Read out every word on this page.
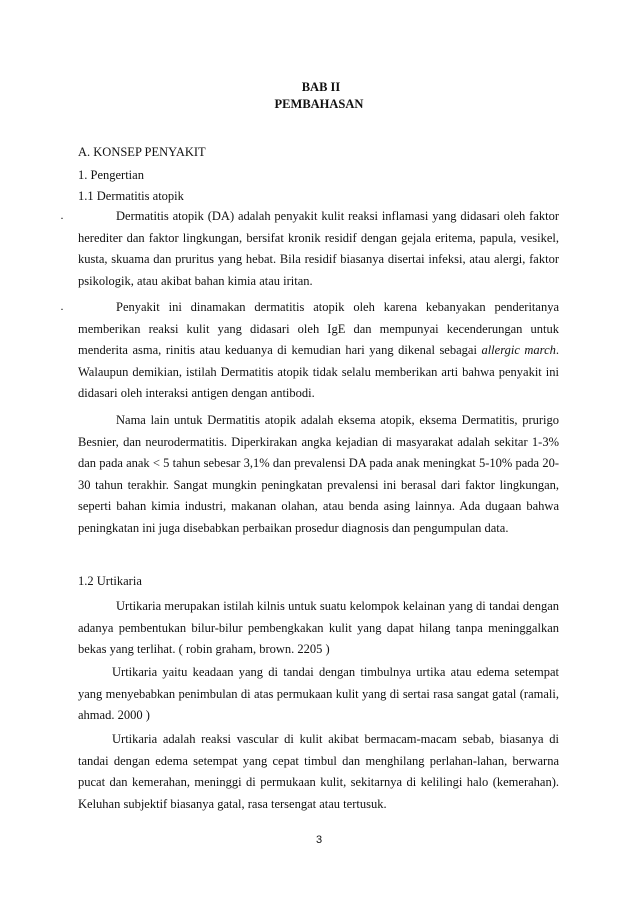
BAB II
PEMBAHASAN
A. KONSEP PENYAKIT
1. Pengertian
1.1 Dermatitis atopik
·	Dermatitis atopik (DA) adalah penyakit kulit reaksi inflamasi yang didasari oleh faktor herediter dan faktor lingkungan, bersifat kronik residif dengan gejala eritema, papula, vesikel, kusta, skuama dan pruritus yang hebat. Bila residif biasanya disertai infeksi, atau alergi, faktor psikologik, atau akibat bahan kimia atau iritan.

·	Penyakit ini dinamakan dermatitis atopik oleh karena kebanyakan penderitanya memberikan reaksi kulit yang didasari oleh IgE dan mempunyai kecenderungan untuk menderita asma, rinitis atau keduanya di kemudian hari yang dikenal sebagai allergic march. Walaupun demikian, istilah Dermatitis atopik tidak selalu memberikan arti bahwa penyakit ini didasari oleh interaksi antigen dengan antibodi.

Nama lain untuk Dermatitis atopik adalah eksema atopik, eksema Dermatitis, prurigo Besnier, dan neurodermatitis. Diperkirakan angka kejadian di masyarakat adalah sekitar 1-3% dan pada anak < 5 tahun sebesar 3,1% dan prevalensi DA pada anak meningkat 5-10% pada 20-30 tahun terakhir. Sangat mungkin peningkatan prevalensi ini berasal dari faktor lingkungan, seperti bahan kimia industri, makanan olahan, atau benda asing lainnya. Ada dugaan bahwa peningkatan ini juga disebabkan perbaikan prosedur diagnosis dan pengumpulan data.

1.2 Urtikaria

Urtikaria merupakan istilah kilnis untuk suatu kelompok kelainan yang di tandai dengan adanya pembentukan bilur-bilur pembengkakan kulit yang dapat hilang tanpa meninggalkan bekas yang terlihat. ( robin graham, brown. 2205 )

Urtikaria yaitu keadaan yang di tandai dengan timbulnya urtika atau edema setempat yang menyebabkan penimbulan di atas permukaan kulit yang di sertai rasa sangat gatal (ramali, ahmad. 2000 )

Urtikaria adalah reaksi vascular di kulit akibat bermacam-macam sebab, biasanya di tandai dengan edema setempat yang cepat timbul dan menghilang perlahan-lahan, berwarna pucat dan kemerahan, meninggi di permukaan kulit, sekitarnya di kelilingi halo (kemerahan). Keluhan subjektif biasanya gatal, rasa tersengat atau tertusuk.

3
